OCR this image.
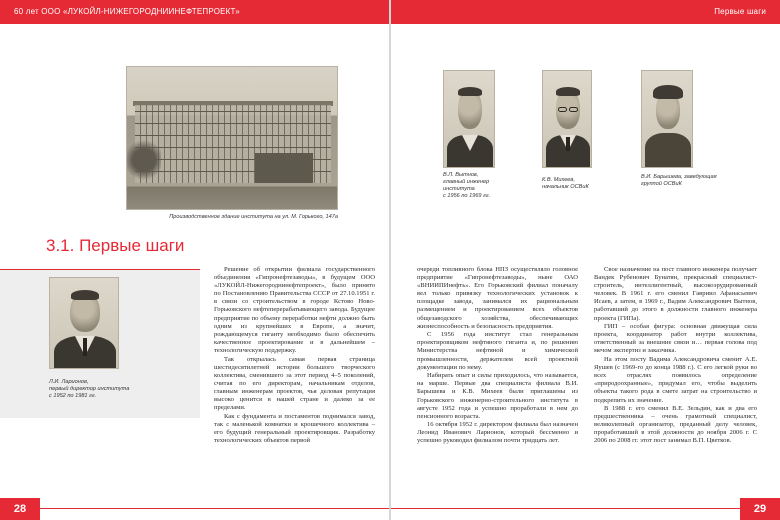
60 лет ООО «ЛУКОЙЛ-НИЖЕГОРОДНИИНЕФТЕПРОЕКТ»
Производственное здание института на ул. М. Горького, 147а
3.1. Первые шаги
Л.И. Ларионов,
первый директор института
с 1952 по 1981 гг.

Решение об открытии филиала государственного объединения «Гипронефтезаводы», в будущем ООО «ЛУКОЙЛ-Нижегороднинефтепроект», было принято по Постановлению Правительства СССР от 27.10.1951 г. в связи со строительством в городе Кстово Ново-Горьковского нефтеперерабатывающего завода. Будущее предприятие по объему переработки нефти должно быть одним из крупнейших в Европе, а значит, рождающемуся гиганту необходимо было обеспечить качественное проектирование и в дальнейшем – технологическую поддержку.

Так открылась самая первая страница шестидесятилетней истории большого творческого коллектива, сменившего за этот период 4–5 поколений, считая по его директорам, начальникам отделов, главным инженерам проектов, чья деловая репутация высоко ценится в нашей стране и далеко за ее пределами.

Как с фундамента и постаментов поднимался завод, так с маленькой комнатки и крошечного коллектива – его будущий генеральный проектировщик. Разработку технологических объектов первой

28
Первые шаги
В.Л. Вытнов,
главный инженер
института
с 1956 по 1969 гг.
К.В. Михеев,
начальник ОСВиК
В.И. Барышева, заведующая
группой ОСВиК

очереди топливного блока НПЗ осуществляло головное предприятие «Гипронефтезаводы», ныне ОАО «ВНИИПИнефть». Его Горьковский филиал поначалу вел только привязку технологических установок к площадке завода, занимался их рациональным размещением и проектированием всех объектов общезаводского хозяйства, обеспечивающих жизнеспособность и безопасность предприятия.

С 1956 года институт стал генеральным проектировщиком нефтяного гиганта и, по решению Министерства нефтяной и химической промышленности, держателем всей проектной документации по нему.

Набирать опыт и силы приходилось, что называется, на марше. Первые два специалиста филиала В.И. Барышева и К.В. Михеев были приглашены из Горьковского инженерно-строительного института в августе 1952 года и успешно проработали в нем до пенсионного возраста.

16 октября 1952 г. директором филиала был назначен Леонид Иванович Ларионов, который бессменно и успешно руководил филиалом почти тридцать лет.

Свое назначение на пост главного инженера получает Вандек Рубенович Бунатян, прекрасный специалист-строитель, интеллигентный, высокоэрудированный человек. В 1961 г. его сменил Гавриил Афанасьевич Исаев, а затем, в 1969 г., Вадим Александрович Вытнов, работавший до этого в должности главного инженера проекта (ГИПа).

ГИП – особая фигура: основная движущая сила проекта, координатор работ внутри коллектива, ответственный за внешние связи и… первая голова под мечом экспертиз и заказчика.

На этом посту Вадима Александровича сменит А.Е. Яушев (с 1969-го до конца 1988 г.). С его легкой руки во всех отраслях появилось определение «природоохранные», придумал его, чтобы выделить объекты такого рода в смете затрат на строительство и подкрепить их значение.

В 1988 г. его сменил В.Е. Зельдин, как и два его предшественника – очень грамотный специалист, великолепный организатор, преданный делу человек, проработавший в этой должности до ноября 2006 г. С 2006 по 2008 гг. этот пост занимал В.П. Цветков.

29
